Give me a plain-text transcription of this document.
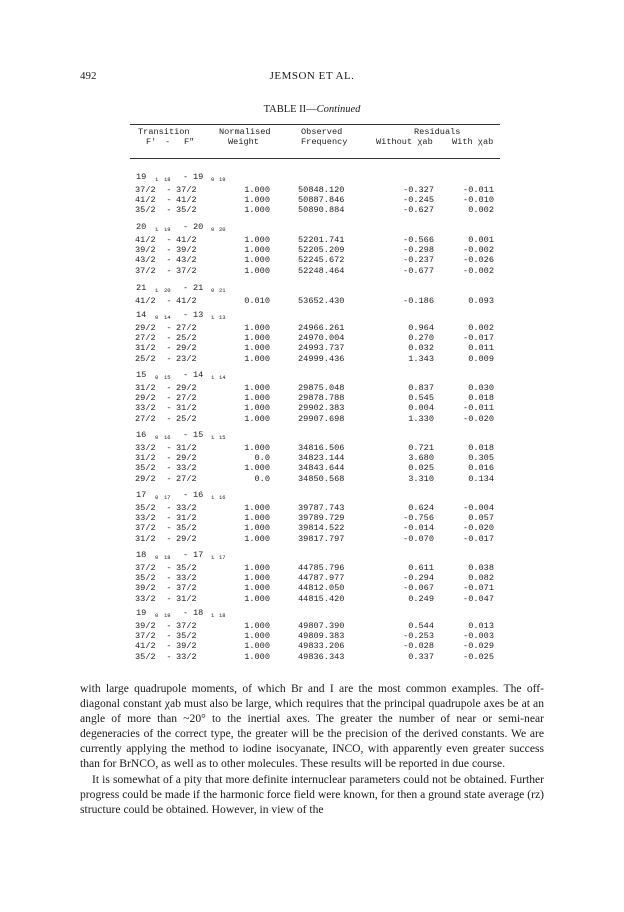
492	JEMSON ET AL.
TABLE II—Continued
Transition
F' - F"
Normalised
Weight
Observed
Frequency
Residuals
Without χab With χab
19 1 18 - 19 0 19
37/2	- 37/2	1.000	50848.120	-0.327	-0.011
41/2	- 41/2	1.000	50887.846	-0.245	-0.010
35/2	- 35/2	1.000	50890.884	-0.627	0.002
20 1 19 - 20 0 20
41/2	- 41/2	1.000	52201.741	-0.566	0.001
39/2	- 39/2	1.000	52205.209	-0.298	-0.002
43/2	- 43/2	1.000	52245.672	-0.237	-0.026
37/2	- 37/2	1.000	52248.464	-0.677	-0.002
21 1 20 - 21 0 21
41/2	- 41/2	0.010	53652.430	-0.186	0.093
14 0 14 - 13 1 13
29/2	- 27/2	1.000	24966.261	0.964	0.002
27/2	- 25/2	1.000	24970.004	0.270	-0.017
31/2	- 29/2	1.000	24993.737	0.032	0.011
25/2	- 23/2	1.000	24999.436	1.343	0.009
15 0 15 - 14 1 14
31/2	- 29/2	1.000	29875.048	0.837	0.030
29/2	- 27/2	1.000	29878.788	0.545	0.018
33/2	- 31/2	1.000	29902.383	0.004	-0.011
27/2	- 25/2	1.000	29907.698	1.330	-0.020
16 0 16 - 15 1 15
33/2	- 31/2	1.000	34816.506	0.721	0.018
31/2	- 29/2	0.0	34823.144	3.680	0.305
35/2	- 33/2	1.000	34843.644	0.025	0.016
29/2	- 27/2	0.0	34850.568	3.310	0.134
17 0 17 - 16 1 16
35/2	- 33/2	1.000	39787.743	0.624	-0.004
33/2	- 31/2	1.000	39789.729	-0.756	0.057
37/2	- 35/2	1.000	39814.522	-0.014	-0.020
31/2	- 29/2	1.000	39817.797	-0.070	-0.017
18 0 18 - 17 1 17
37/2	- 35/2	1.000	44785.796	0.611	0.038
35/2	- 33/2	1.000	44787.977	-0.294	0.082
39/2	- 37/2	1.000	44812.050	-0.067	-0.071
33/2	- 31/2	1.000	44815.420	0.249	-0.047
19 0 19 - 18 1 18
39/2	- 37/2	1.000	49807.390	0.544	0.013
37/2	- 35/2	1.000	49809.383	-0.253	-0.003
41/2	- 39/2	1.000	49833.206	-0.028	-0.029
35/2	- 33/2	1.000	49836.343	0.337	-0.025

with large quadrupole moments, of which Br and I are the most common examples. The off-diagonal constant χab must also be large, which requires that the principal quadrupole axes be at an angle of more than ~20° to the inertial axes. The greater the number of near or semi-near degeneracies of the correct type, the greater will be the precision of the derived constants. We are currently applying the method to iodine isocyanate, INCO, with apparently even greater success than for BrNCO, as well as to other molecules. These results will be reported in due course.

It is somewhat of a pity that more definite internuclear parameters could not be obtained. Further progress could be made if the harmonic force field were known, for then a ground state average (rz) structure could be obtained. However, in view of the
